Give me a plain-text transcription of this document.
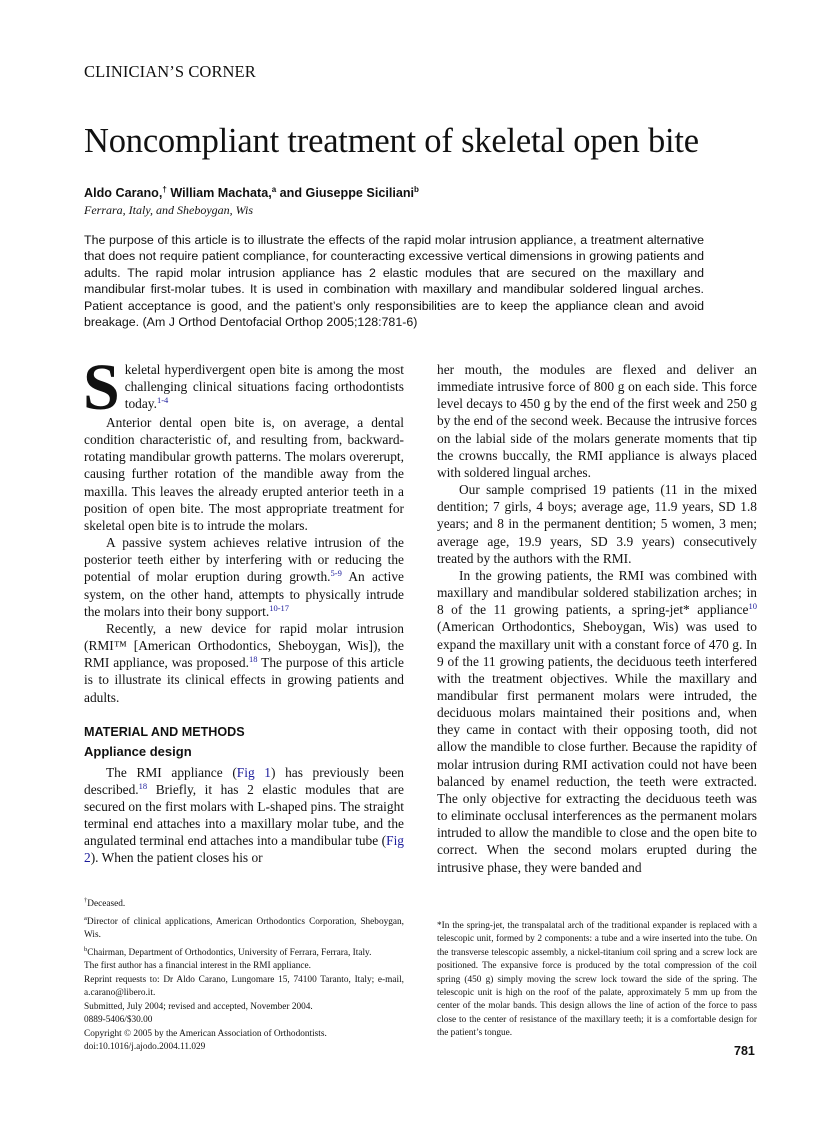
CLINICIAN’S CORNER
Noncompliant treatment of skeletal open bite
Aldo Carano,† William Machata,$^a$ and Giuseppe Siciliani$^b$
Ferrara, Italy, and Sheboygan, Wis
The purpose of this article is to illustrate the effects of the rapid molar intrusion appliance, a treatment alternative that does not require patient compliance, for counteracting excessive vertical dimensions in growing patients and adults. The rapid molar intrusion appliance has 2 elastic modules that are secured on the maxillary and mandibular first-molar tubes. It is used in combination with maxillary and mandibular soldered lingual arches. Patient acceptance is good, and the patient’s only responsibilities are to keep the appliance clean and avoid breakage. (Am J Orthod Dentofacial Orthop 2005;128:781-6)

Skeletal hyperdivergent open bite is among the most challenging clinical situations facing orthodontists today.$^{1-4}$

Anterior dental open bite is, on average, a dental condition characteristic of, and resulting from, backward-rotating mandibular growth patterns. The molars overerupt, causing further rotation of the mandible away from the maxilla. This leaves the already erupted anterior teeth in a position of open bite. The most appropriate treatment for skeletal open bite is to intrude the molars.

A passive system achieves relative intrusion of the posterior teeth either by interfering with or reducing the potential of molar eruption during growth.$^{5-9}$ An active system, on the other hand, attempts to physically intrude the molars into their bony support.$^{10-17}$

Recently, a new device for rapid molar intrusion (RMI™ [American Orthodontics, Sheboygan, Wis]), the RMI appliance, was proposed.$^{18}$ The purpose of this article is to illustrate its clinical effects in growing patients and adults.

MATERIAL AND METHODS
Appliance design

The RMI appliance (Fig 1) has previously been described.$^{18}$ Briefly, it has 2 elastic modules that are secured on the first molars with L-shaped pins. The straight terminal end attaches into a maxillary molar tube, and the angulated terminal end attaches into a mandibular tube (Fig 2). When the patient closes his or

her mouth, the modules are flexed and deliver an immediate intrusive force of 800 g on each side. This force level decays to 450 g by the end of the first week and 250 g by the end of the second week. Because the intrusive forces on the labial side of the molars generate moments that tip the crowns buccally, the RMI appliance is always placed with soldered lingual arches.

Our sample comprised 19 patients (11 in the mixed dentition; 7 girls, 4 boys; average age, 11.9 years, SD 1.8 years; and 8 in the permanent dentition; 5 women, 3 men; average age, 19.9 years, SD 3.9 years) consecutively treated by the authors with the RMI.

In the growing patients, the RMI was combined with maxillary and mandibular soldered stabilization arches; in 8 of the 11 growing patients, a spring-jet* appliance$^{10}$ (American Orthodontics, Sheboygan, Wis) was used to expand the maxillary unit with a constant force of 470 g. In 9 of the 11 growing patients, the deciduous teeth interfered with the treatment objectives. While the maxillary and mandibular first permanent molars were intruded, the deciduous molars maintained their positions and, when they came in contact with their opposing tooth, did not allow the mandible to close further. Because the rapidity of molar intrusion during RMI activation could not have been balanced by enamel reduction, the teeth were extracted. The only objective for extracting the deciduous teeth was to eliminate occlusal interferences as the permanent molars intruded to allow the mandible to close and the open bite to correct. When the second molars erupted during the intrusive phase, they were banded and

†Deceased.
$^a$Director of clinical applications, American Orthodontics Corporation, Sheboygan, Wis.
$^b$Chairman, Department of Orthodontics, University of Ferrara, Ferrara, Italy.
The first author has a financial interest in the RMI appliance.
Reprint requests to: Dr Aldo Carano, Lungomare 15, 74100 Taranto, Italy; e-mail, a.carano@libero.it.
Submitted, July 2004; revised and accepted, November 2004.
0889-5406/$30.00
Copyright © 2005 by the American Association of Orthodontists.
doi:10.1016/j.ajodo.2004.11.029
*In the spring-jet, the transpalatal arch of the traditional expander is replaced with a telescopic unit, formed by 2 components: a tube and a wire inserted into the tube. On the transverse telescopic assembly, a nickel-titanium coil spring and a screw lock are positioned. The expansive force is produced by the total compression of the coil spring (450 g) simply moving the screw lock toward the side of the spring. The telescopic unit is high on the roof of the palate, approximately 5 mm up from the center of the molar bands. This design allows the line of action of the force to pass close to the center of resistance of the maxillary teeth; it is a comfortable design for the patient’s tongue.
781
